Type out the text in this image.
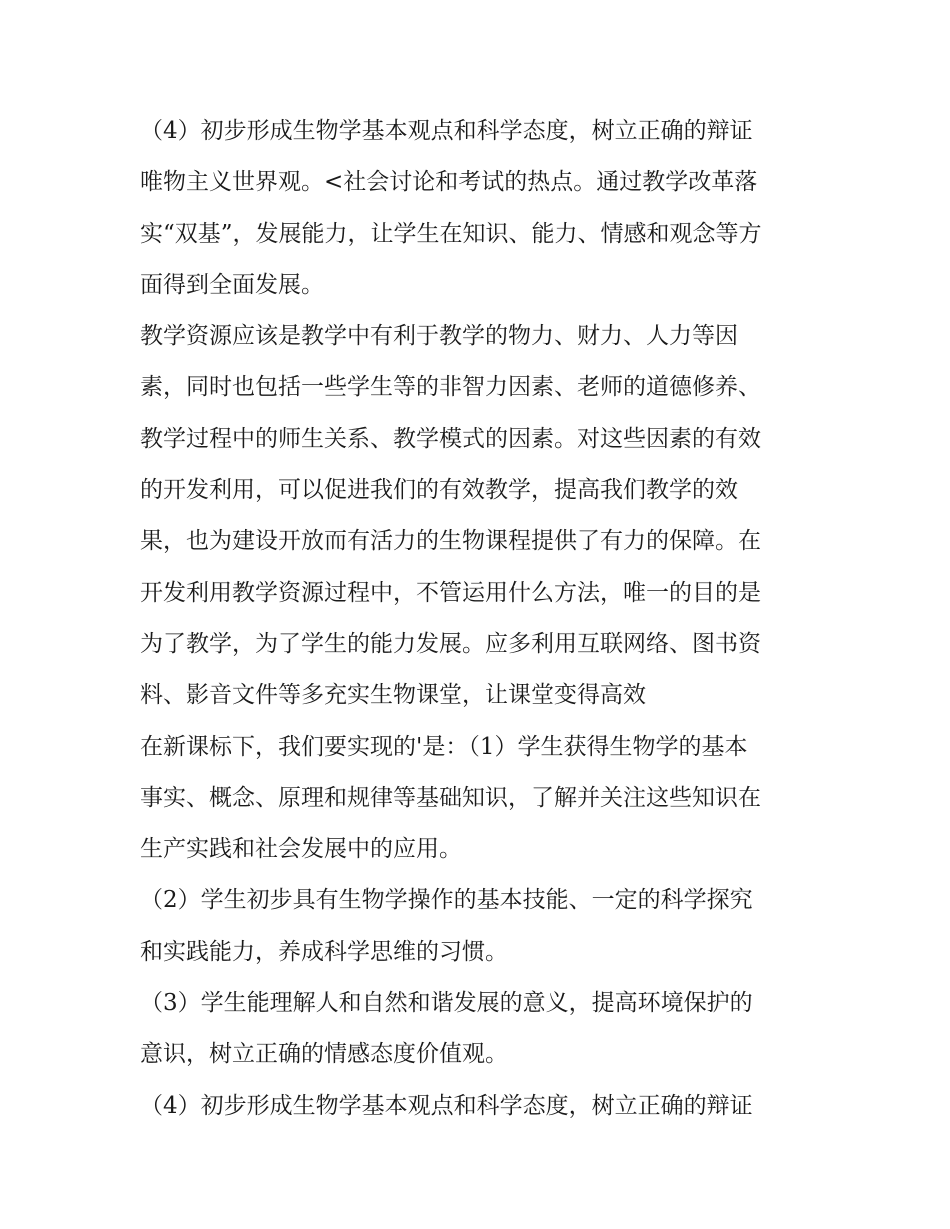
（4）初步形成生物学基本观点和科学态度，树立正确的辩证
唯物主义世界观。<社会讨论和考试的热点。通过教学改革落
实“双基”，发展能力，让学生在知识、能力、情感和观念等方
面得到全面发展。
教学资源应该是教学中有利于教学的物力、财力、人力等因
素，同时也包括一些学生等的非智力因素、老师的道德修养、
教学过程中的师生关系、教学模式的因素。对这些因素的有效
的开发利用，可以促进我们的有效教学，提高我们教学的效
果，也为建设开放而有活力的生物课程提供了有力的保障。在
开发利用教学资源过程中，不管运用什么方法，唯一的目的是
为了教学，为了学生的能力发展。应多利用互联网络、图书资
料、影音文件等多充实生物课堂，让课堂变得高效
在新课标下，我们要实现的'是：（1）学生获得生物学的基本
事实、概念、原理和规律等基础知识，了解并关注这些知识在
生产实践和社会发展中的应用。
（2）学生初步具有生物学操作的基本技能、一定的科学探究
和实践能力，养成科学思维的习惯。
（3）学生能理解人和自然和谐发展的意义，提高环境保护的
意识，树立正确的情感态度价值观。
（4）初步形成生物学基本观点和科学态度，树立正确的辩证
